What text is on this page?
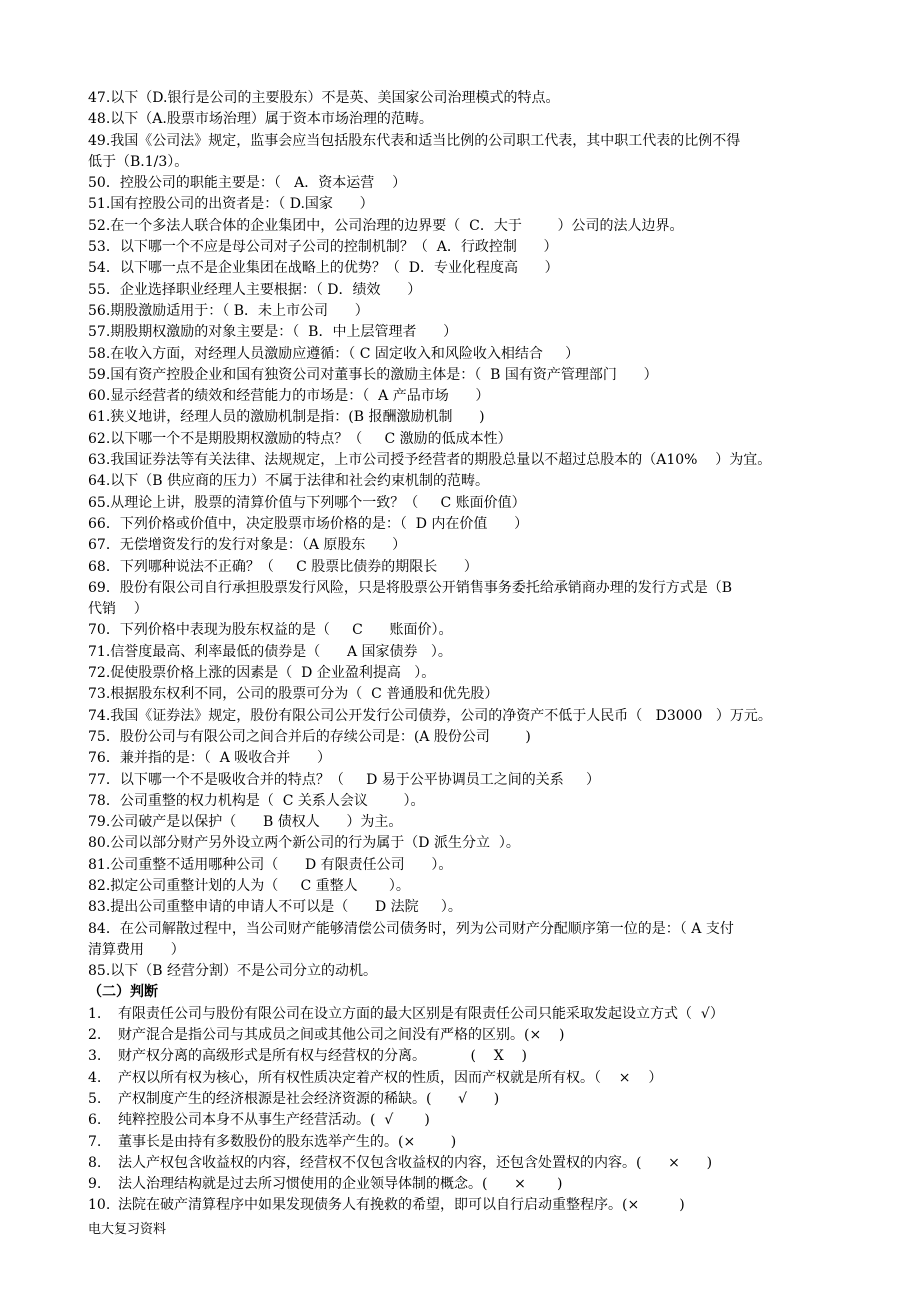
47.以下（D.银行是公司的主要股东）不是英、美国家公司治理模式的特点。
48.以下（A.股票市场治理）属于资本市场治理的范畴。
49.我国《公司法》规定，监事会应当包括股东代表和适当比例的公司职工代表，其中职工代表的比例不得
低于（B.1/3）。
50．控股公司的职能主要是：（   A．资本运营    ）
51.国有控股公司的出资者是：（ D.国家      ）
52.在一个多法人联合体的企业集团中，公司治理的边界要（  C．大于        ）公司的法人边界。
53．以下哪一个不应是母公司对子公司的控制机制？（  A．行政控制      ）
54．以下哪一点不是企业集团在战略上的优势？（  D．专业化程度高      ）
55．企业选择职业经理人主要根据：（ D．绩效      ）
56.期股激励适用于：（ B．未上市公司      ）
57.期股期权激励的对象主要是：（  B．中上层管理者      ）
58.在收入方面，对经理人员激励应遵循：（ C 固定收入和风险收入相结合     ）
59.国有资产控股企业和国有独资公司对董事长的激励主体是：（  B 国有资产管理部门      ）
60.显示经营者的绩效和经营能力的市场是：（  A 产品市场      ）
61.狭义地讲，经理人员的激励机制是指：(B 报酬激励机制      )
62.以下哪一个不是期股期权激励的特点？（     C 激励的低成本性）
63.我国证券法等有关法律、法规规定，上市公司授予经营者的期股总量以不超过总股本的（A10%    ）为宜。
64.以下（B 供应商的压力）不属于法律和社会约束机制的范畴。
65.从理论上讲，股票的清算价值与下列哪个一致？（     C 账面价值）
66．下列价格或价值中，决定股票市场价格的是：（  D 内在价值      ）
67．无偿增资发行的发行对象是：（A 原股东      ）
68．下列哪种说法不正确？（     C 股票比债券的期限长      ）
69．股份有限公司自行承担股票发行风险，只是将股票公开销售事务委托给承销商办理的发行方式是（B
代销    ）
70．下列价格中表现为股东权益的是（     C      账面价）。
71.信誉度最高、利率最低的债券是（      A 国家债券   ）。
72.促使股票价格上涨的因素是（  D 企业盈利提高   ）。
73.根据股东权利不同，公司的股票可分为（  C 普通股和优先股）
74.我国《证券法》规定，股份有限公司公开发行公司债券，公司的净资产不低于人民币（   D3000   ）万元。
75．股份公司与有限公司之间合并后的存续公司是：(A 股份公司        )
76．兼并指的是：（  A 吸收合并      ）
77．以下哪一个不是吸收合并的特点？（     D 易于公平协调员工之间的关系     ）
78．公司重整的权力机构是（  C 关系人会议        ）。
79.公司破产是以保护（      B 债权人      ）为主。
80.公司以部分财产另外设立两个新公司的行为属于（D 派生分立  ）。
81.公司重整不适用哪种公司（      D 有限责任公司      ）。
82.拟定公司重整计划的人为（     C 重整人       ）。
83.提出公司重整申请的申请人不可以是（      D 法院     ）。
84．在公司解散过程中，当公司财产能够清偿公司债务时，列为公司财产分配顺序第一位的是：（ A 支付
清算费用      ）
85.以下（B 经营分割）不是公司分立的动机。
（二）判断
1.	有限责任公司与股份有限公司在设立方面的最大区别是有限责任公司只能采取发起设立方式（  √）
2.	财产混合是指公司与其成员之间或其他公司之间没有严格的区别。(×    )
3.	财产权分离的高级形式是所有权与经营权的分离。          (    X    )
4.	产权以所有权为核心，所有权性质决定着产权的性质，因而产权就是所有权。（    ×    ）
5.	产权制度产生的经济根源是社会经济资源的稀缺。(      √      )
6.	纯粹控股公司本身不从事生产经营活动。(  √       )
7.	董事长是由持有多数股份的股东选举产生的。(×        )
8.	法人产权包含收益权的内容，经营权不仅包含收益权的内容，还包含处置权的内容。(      ×      )
9.	法人治理结构就是过去所习惯使用的企业领导体制的概念。(      ×       )
10. 法院在破产清算程序中如果发现债务人有挽救的希望，即可以自行启动重整程序。(×         )
电大复习资料
